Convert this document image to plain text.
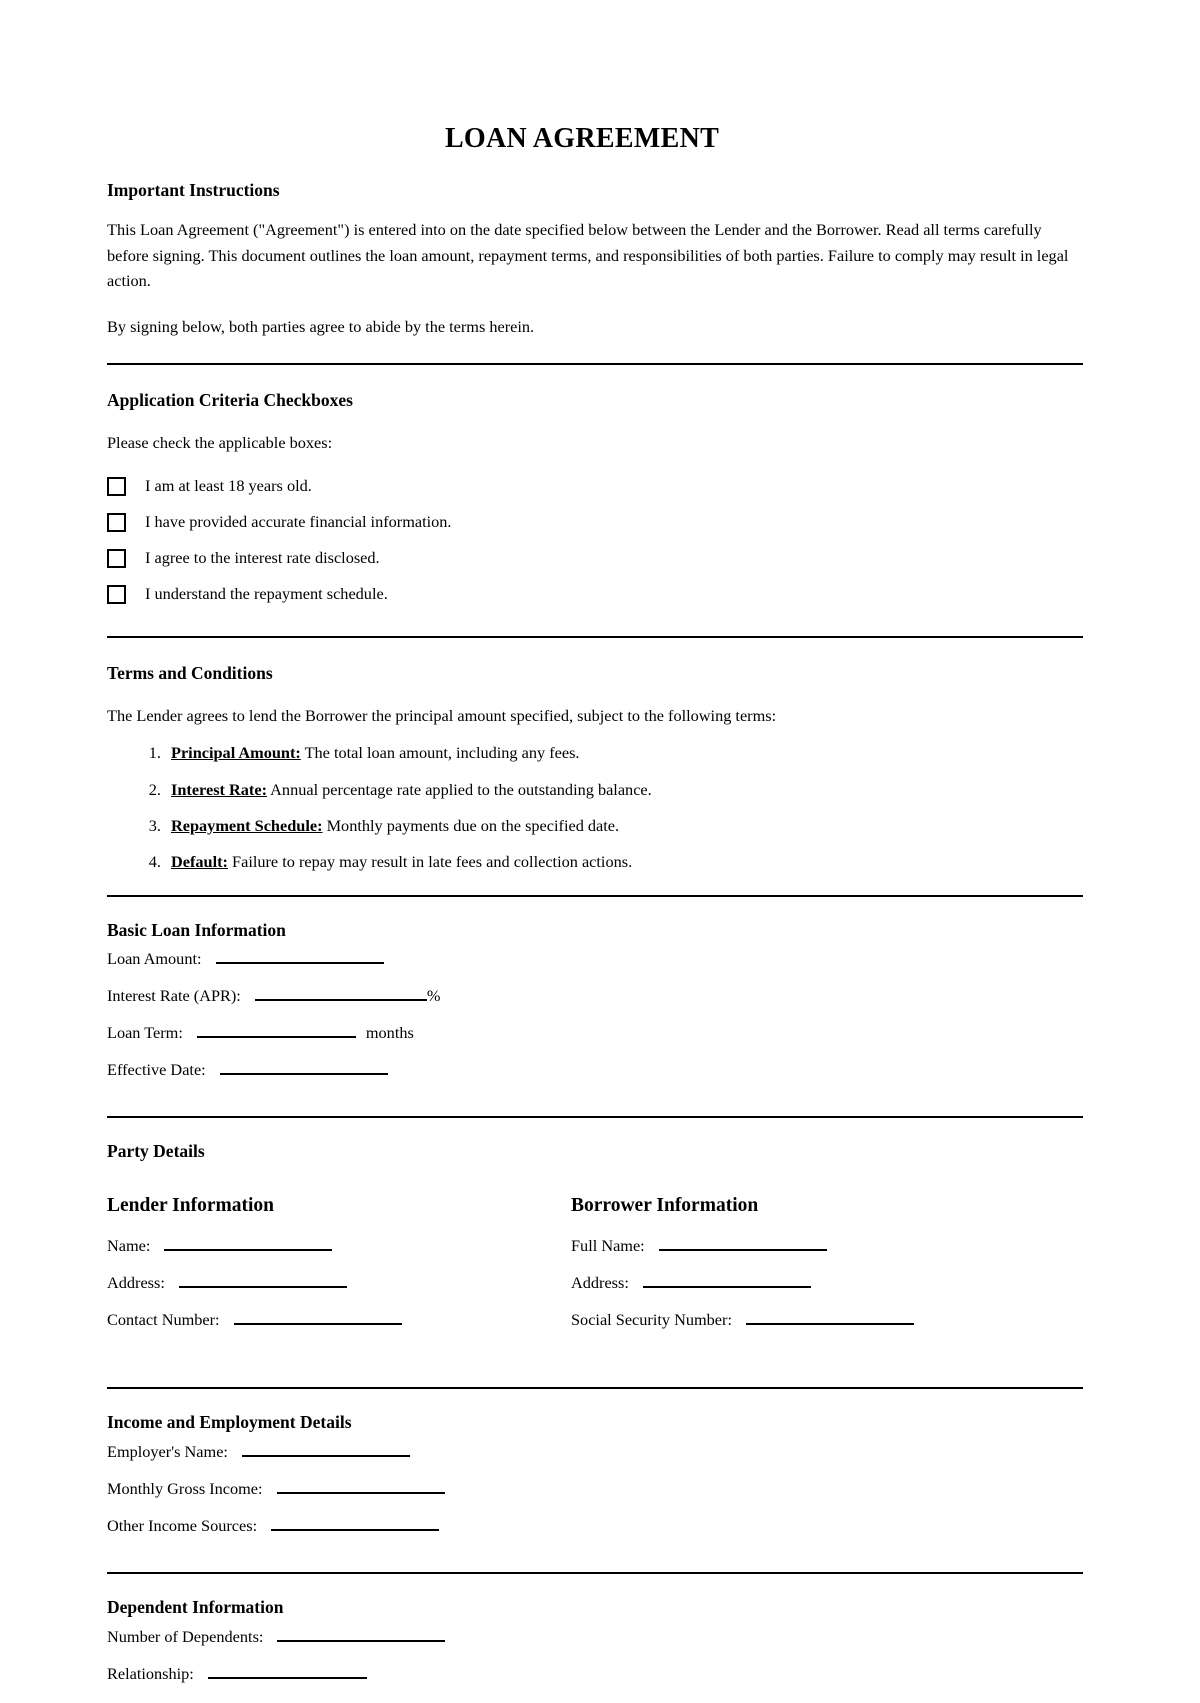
LOAN AGREEMENT
Important Instructions

This Loan Agreement ("Agreement") is entered into on the date specified below between the Lender and the Borrower. Read all terms carefully before signing. This document outlines the loan amount, repayment terms, and responsibilities of both parties. Failure to comply may result in legal action.

By signing below, both parties agree to abide by the terms herein.

Application Criteria Checkboxes

Please check the applicable boxes:

I am at least 18 years old.
I have provided accurate financial information.
I agree to the interest rate disclosed.
I understand the repayment schedule.
Terms and Conditions

The Lender agrees to lend the Borrower the principal amount specified, subject to the following terms:

1. Principal Amount: The total loan amount, including any fees.
2. Interest Rate: Annual percentage rate applied to the outstanding balance.
3. Repayment Schedule: Monthly payments due on the specified date.
4. Default: Failure to repay may result in late fees and collection actions.
Basic Loan Information
Loan Amount:
Interest Rate (APR):	%
Loan Term:	months
Effective Date:
Party Details
Lender Information
Name:
Address:
Contact Number:
Borrower Information
Full Name:
Address:
Social Security Number:
Income and Employment Details
Employer's Name:
Monthly Gross Income:
Other Income Sources:
Dependent Information
Number of Dependents:
Relationship:
